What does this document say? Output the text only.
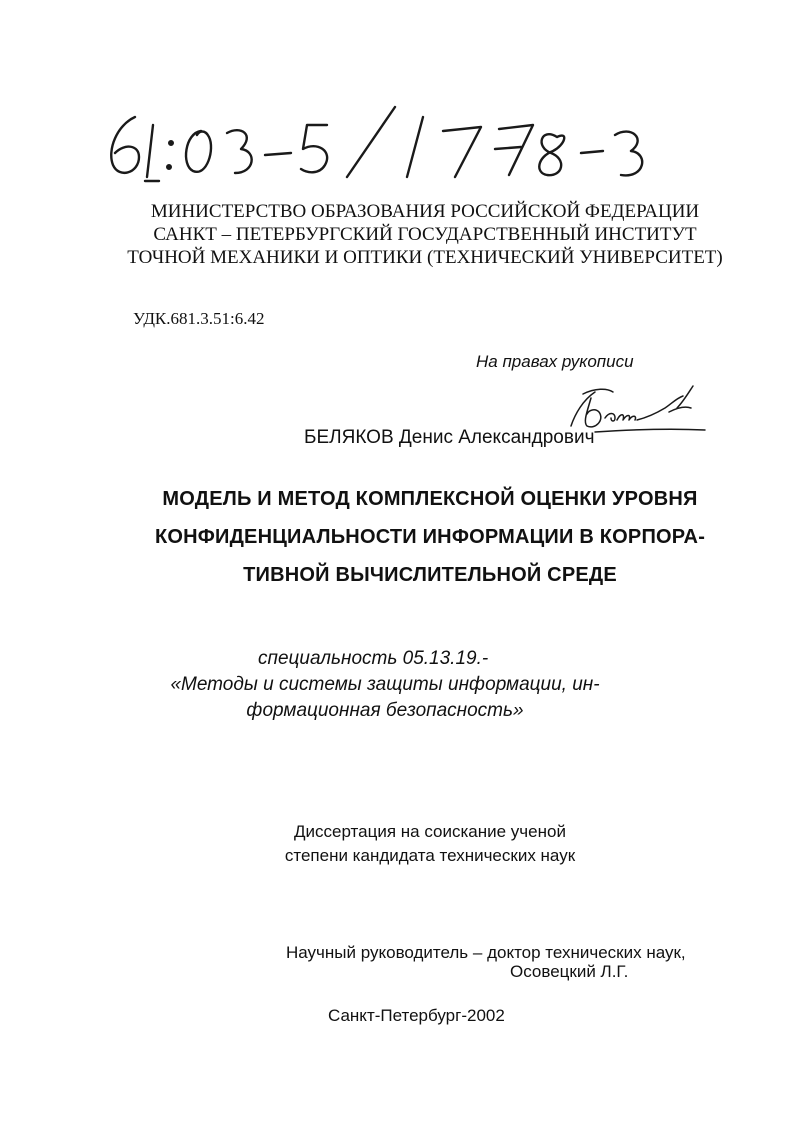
МИНИСТЕРСТВО ОБРАЗОВАНИЯ РОССИЙСКОЙ ФЕДЕРАЦИИ
САНКТ – ПЕТЕРБУРГСКИЙ ГОСУДАРСТВЕННЫЙ ИНСТИТУТ
ТОЧНОЙ МЕХАНИКИ И ОПТИКИ (ТЕХНИЧЕСКИЙ УНИВЕРСИТЕТ)
УДК.681.3.51:6.42
На правах рукописи
БЕЛЯКОВ Денис Александрович
МОДЕЛЬ И МЕТОД КОМПЛЕКСНОЙ ОЦЕНКИ УРОВНЯ
КОНФИДЕНЦИАЛЬНОСТИ ИНФОРМАЦИИ В КОРПОРА-
ТИВНОЙ ВЫЧИСЛИТЕЛЬНОЙ СРЕДЕ
специальность 05.13.19.-
«Методы и системы защиты информации, ин-
формационная безопасность»
Диссертация на соискание ученой
степени кандидата технических наук
Научный руководитель – доктор технических наук,
Осовецкий Л.Г.
Санкт-Петербург-2002
